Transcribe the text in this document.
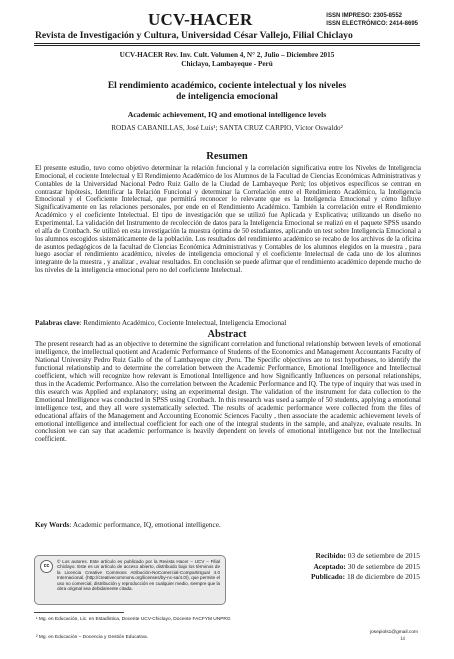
UCV-HACER	ISSN IMPRESO: 2305-8552
ISSN ELECTRÓNICO: 2414-8695
Revista de Investigación y Cultura, Universidad César Vallejo, Filial Chiclayo
UCV-HACER Rev. Inv. Cult. Volumen 4, N° 2, Julio – Diciembre 2015
Chiclayo, Lambayeque - Perú
El rendimiento académico, cociente intelectual y los niveles
de inteligencia emocional
Academic achievement, IQ and emotional intelligence levels
RODAS CABANILLAS, José Luis¹; SANTA CRUZ CARPIO, Víctor Oswaldo²
Resumen

El presente estudio, tuvo como objetivo determinar la relación funcional y la correlación significativa entre los Niveles de Inteligencia Emocional, el cociente Intelectual y El Rendimiento Académico de los Alumnos de la Facultad de Ciencias Económicas Administrativas y Contables de la Universidad Nacional Pedro Ruiz Gallo de la Ciudad de Lambayeque Perú; los objetivos específicos se centran en contrastar hipótesis, Identificar la Relación Funcional y determinar la Correlación entre el Rendimiento Académico, la Inteligencia Emocional y el Coeficiente Intelectual, que permitirá reconocer lo relevante que es la Inteligencia Emocional y cómo Influye Significativamente en las relaciones personales, por ende en el Rendimiento Académico. También la correlación entre el Rendimiento Académico y el coeficiente Intelectual. El tipo de investigación que se utilizó fue Aplicada y Explicativa; utilizando un diseño no Experimental. La validación del Instrumento de recolección de datos para la Inteligencia Emocional se realizó en el paquete SPSS usando el alfa de Cronbach. Se utilizó en esta investigación la muestra óptima de 50 estudiantes, aplicando un test sobre Inteligencia Emocional a los alumnos escogidos sistemáticamente de la población. Los resultados del rendimiento académico se recabo de los archivos de la oficina de asuntos pedagógicos de la facultad de Ciencias Económica Administrativas y Contables de los alumnos elegidos en la muestra , para luego asociar el rendimiento académico, niveles de inteligencia emocional y el coeficiente Intelectual de cada uno de los alumnos integrante de la muestra , y analizar , evaluar resultados. En conclusión se puede afirmar que el rendimiento académico depende mucho de los niveles de la inteligencia emocional pero no del coeficiente Intelectual.

Palabras clave: Rendimiento Académico, Cociente Intelectual, Inteligencia Emocional
Abstract

The present research had as an objective to determine the significant correlation and functional relationship between levels of emotional intelligence, the intellectual quotient and Academic Performance of Students of the Economics and Management Accountants Faculty of National University Pedro Ruiz Gallo of the of Lambayeque city ,Peru. The Specific objectives are to test hypotheses, to identify the functional relationship and to determine the correlation between the Academic Performance, Emotional Intelligence and Intellectual coefficient, which will recognize how relevant is Emotional Intelligence and how Significantly Influences on personal relationships, thus in the Academic Performance. Also the correlation between the Academic Performance and IQ. The type of inquiry that was used in this esearch was Applied and explanatory; using an experimental design. The validation of the instrument for data collection to the Emotional Intelligence was conducted in SPSS using Cronbach. In this research was used a sample of 50 students, applying a emotional intelligence test, and they all were systematically selected. The results of academic performance were collected from the files of educational affairs of the Management and Accounting Economic Sciences Faculty , then associate the academic achievement levels of emotional intelligence and intellectual coefficient for each one of the integral students in the sample, and analyze, evaluate results. In conclusion we can say that academic performance is heavily dependent on levels of emotional intelligence but not the Intellectual coefficient.

Key Words: Academic performance, IQ, emotional intelligence.
cc
© Los autores. Este artículo es publicado por la Revista Hacer – UCV – Filial Chiclayo. Este es un artículo de acceso abierto, distribuido bajo los términos de la Licencia Creative Commons Atribución-NoComercial-CompartirIgual 4.0 Internacional. (http://creativecommons.org/licenses/by-nc-sa/4.0/), que permite el uso no comercial, distribución y reproducción en cualquier medio, siempre que la obra original sea debidamente citada.
Recibido: 03 de setiembre de 2015
Aceptado: 30 de setiembre de 2015
Publicado: 18 de diciembre de 2015
¹ Mg. en Educación, Lic. en Estadística, Docente UCV-Chiclayo, Docente FACFYM UNPRG
josepiols1@gmail.com
² Mg. en Educación – Docencia y Gestión Educativa.	14
